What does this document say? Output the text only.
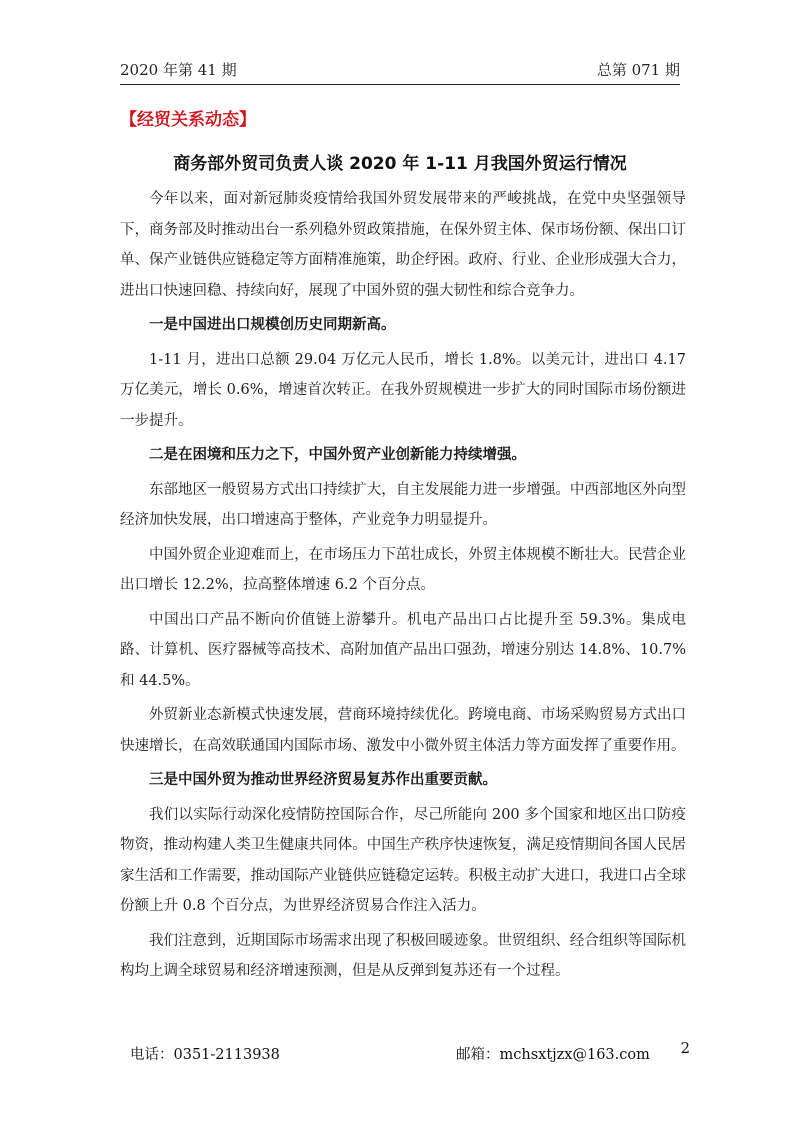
2020 年第 41 期	总第 071 期
【经贸关系动态】
商务部外贸司负责人谈 2020 年 1-11 月我国外贸运行情况

今年以来，面对新冠肺炎疫情给我国外贸发展带来的严峻挑战，在党中央坚强领导下，商务部及时推动出台一系列稳外贸政策措施，在保外贸主体、保市场份额、保出口订单、保产业链供应链稳定等方面精准施策，助企纾困。政府、行业、企业形成强大合力，进出口快速回稳、持续向好，展现了中国外贸的强大韧性和综合竞争力。

一是中国进出口规模创历史同期新高。

1-11 月，进出口总额 29.04 万亿元人民币，增长 1.8%。以美元计，进出口 4.17 万亿美元，增长 0.6%，增速首次转正。在我外贸规模进一步扩大的同时国际市场份额进一步提升。

二是在困境和压力之下，中国外贸产业创新能力持续增强。

东部地区一般贸易方式出口持续扩大，自主发展能力进一步增强。中西部地区外向型经济加快发展，出口增速高于整体，产业竞争力明显提升。

中国外贸企业迎难而上，在市场压力下茁壮成长，外贸主体规模不断壮大。民营企业出口增长 12.2%，拉高整体增速 6.2 个百分点。

中国出口产品不断向价值链上游攀升。机电产品出口占比提升至 59.3%。集成电路、计算机、医疗器械等高技术、高附加值产品出口强劲，增速分别达 14.8%、10.7%和 44.5%。

外贸新业态新模式快速发展，营商环境持续优化。跨境电商、市场采购贸易方式出口快速增长，在高效联通国内国际市场、激发中小微外贸主体活力等方面发挥了重要作用。

三是中国外贸为推动世界经济贸易复苏作出重要贡献。

我们以实际行动深化疫情防控国际合作，尽己所能向 200 多个国家和地区出口防疫物资，推动构建人类卫生健康共同体。中国生产秩序快速恢复，满足疫情期间各国人民居家生活和工作需要，推动国际产业链供应链稳定运转。积极主动扩大进口，我进口占全球份额上升 0.8 个百分点，为世界经济贸易合作注入活力。

我们注意到，近期国际市场需求出现了积极回暖迹象。世贸组织、经合组织等国际机构均上调全球贸易和经济增速预测，但是从反弹到复苏还有一个过程。

电话：0351-2113938	邮箱：mchsxtjzx@163.com 2
